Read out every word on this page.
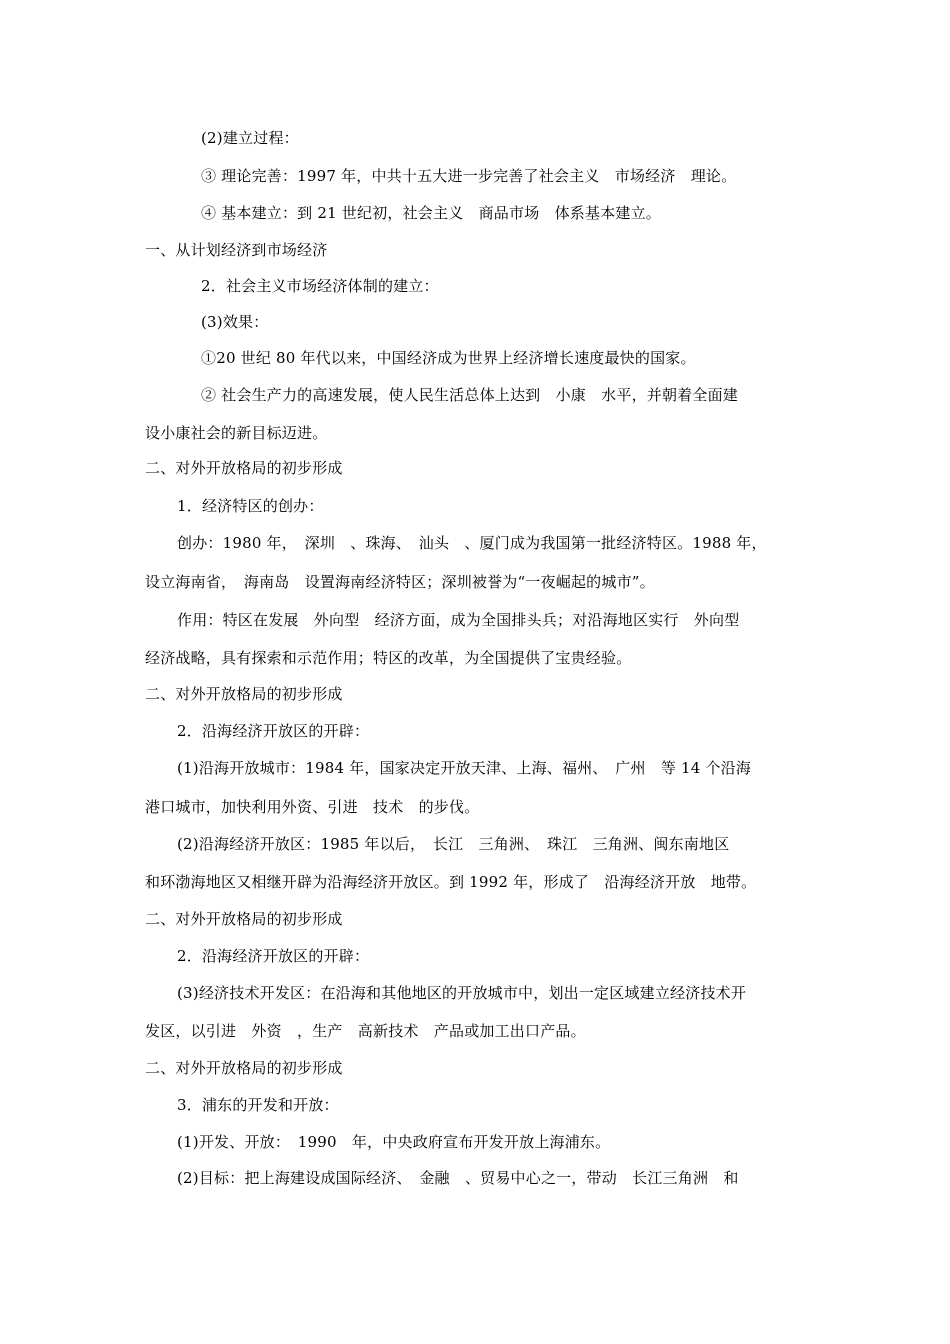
(2)建立过程：
③ 理论完善：1997 年，中共十五大进一步完善了社会主义　市场经济　理论。
④ 基本建立：到 21 世纪初，社会主义　商品市场　体系基本建立。
一、从计划经济到市场经济
2．社会主义市场经济体制的建立：
(3)效果：
①20 世纪 80 年代以来，中国经济成为世界上经济增长速度最快的国家。
② 社会生产力的高速发展，使人民生活总体上达到　小康　水平，并朝着全面建
设小康社会的新目标迈进。
二、对外开放格局的初步形成
1．经济特区的创办：
创办：1980 年，　深圳　、珠海、　汕头　、厦门成为我国第一批经济特区。1988 年，
设立海南省，　海南岛　设置海南经济特区；深圳被誉为“一夜崛起的城市”。
作用：特区在发展　外向型　经济方面，成为全国排头兵；对沿海地区实行　外向型
经济战略，具有探索和示范作用；特区的改革，为全国提供了宝贵经验。
二、对外开放格局的初步形成
2．沿海经济开放区的开辟：
(1)沿海开放城市：1984 年，国家决定开放天津、上海、福州、　广州　等 14 个沿海
港口城市，加快利用外资、引进　技术　的步伐。
(2)沿海经济开放区：1985 年以后，　长江　三角洲、　珠江　三角洲、闽东南地区
和环渤海地区又相继开辟为沿海经济开放区。到 1992 年，形成了　沿海经济开放　地带。
二、对外开放格局的初步形成
2．沿海经济开放区的开辟：
(3)经济技术开发区：在沿海和其他地区的开放城市中，划出一定区域建立经济技术开
发区，以引进　外资　，生产　高新技术　产品或加工出口产品。
二、对外开放格局的初步形成
3．浦东的开发和开放：
(1)开发、开放：　1990　年，中央政府宣布开发开放上海浦东。
(2)目标：把上海建设成国际经济、　金融　、贸易中心之一，带动　长江三角洲　和
